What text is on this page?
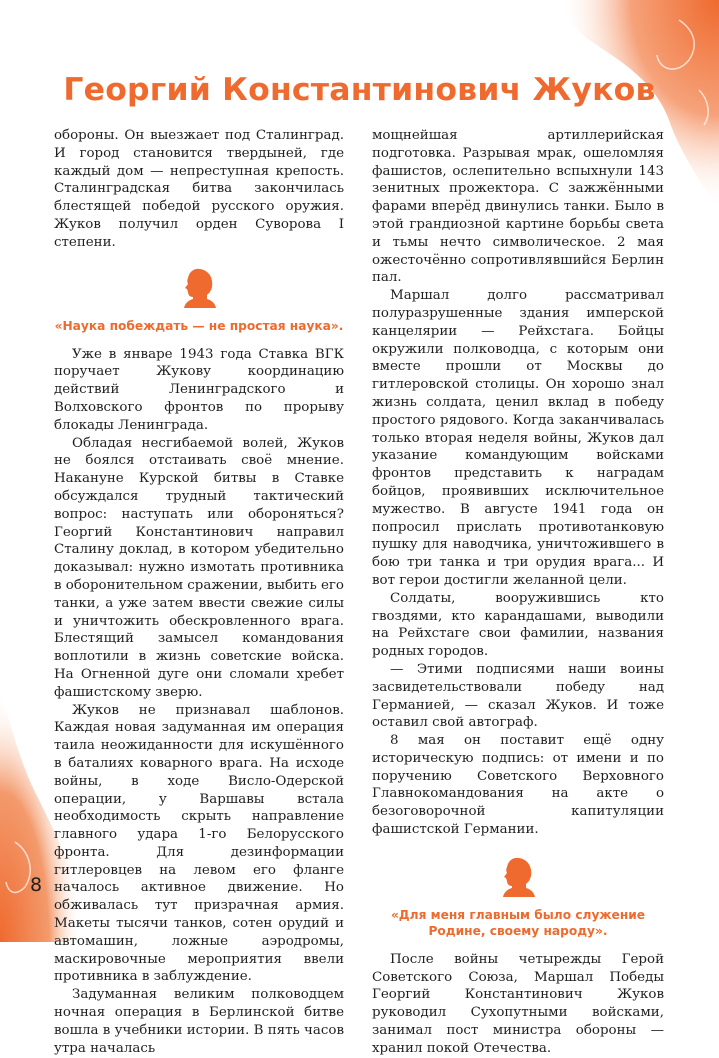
Георгий Константинович Жуков

обороны. Он выезжает под Сталинград. И город становится твердыней, где каждый дом — непреступная крепость. Сталинградская битва закончилась блестящей победой русского оружия. Жуков получил орден Суворова I степени.

«Наука побеждать — не простая наука».

Уже в январе 1943 года Ставка ВГК поручает Жукову координацию действий Ленинградского и Волховского фронтов по прорыву блокады Ленинграда.

Обладая несгибаемой волей, Жуков не боялся отстаивать своё мнение. Накануне Курской битвы в Ставке обсуждался трудный тактический вопрос: наступать или обороняться? Георгий Константинович направил Сталину доклад, в котором убедительно доказывал: нужно измотать противника в оборонительном сражении, выбить его танки, а уже затем ввести свежие силы и уничтожить обескровленного врага. Блестящий замысел командования воплотили в жизнь советские войска. На Огненной дуге они сломали хребет фашистскому зверю.

Жуков не признавал шаблонов. Каждая новая задуманная им операция таила неожиданности для искушённого в баталиях коварного врага. На исходе войны, в ходе Висло-Одерской операции, у Варшавы встала необходимость скрыть направление главного удара 1-го Белорусского фронта. Для дезинформации гитлеровцев на левом его фланге началось активное движение. Но обживалась тут призрачная армия. Макеты тысячи танков, сотен орудий и автомашин, ложные аэродромы, маскировочные мероприятия ввели противника в заблуждение.

Задуманная великим полководцем ночная операция в Берлинской битве вошла в учебники истории. В пять часов утра началась

мощнейшая артиллерийская подготовка. Разрывая мрак, ошеломляя фашистов, ослепительно вспыхнули 143 зенитных прожектора. С зажжёнными фарами вперёд двинулись танки. Было в этой грандиозной картине борьбы света и тьмы нечто символическое. 2 мая ожесточённо сопротивлявшийся Берлин пал.

Маршал долго рассматривал полуразрушенные здания имперской канцелярии — Рейхстага. Бойцы окружили полководца, с которым они вместе прошли от Москвы до гитлеровской столицы. Он хорошо знал жизнь солдата, ценил вклад в победу простого рядового. Когда заканчивалась только вторая неделя войны, Жуков дал указание командующим войсками фронтов представить к наградам бойцов, проявивших исключительное мужество. В августе 1941 года он попросил прислать противотанковую пушку для наводчика, уничтожившего в бою три танка и три орудия врага... И вот герои достигли желанной цели.

Солдаты, вооружившись кто гвоздями, кто карандашами, выводили на Рейхстаге свои фамилии, названия родных городов.

— Этими подписями наши воины засвидетельствовали победу над Германией, — сказал Жуков. И тоже оставил свой автограф.

8 мая он поставит ещё одну историческую подпись: от имени и по поручению Советского Верховного Главнокомандования на акте о безоговорочной капитуляции фашистской Германии.

«Для меня главным было служение

Родине, своему народу».

После войны четырежды Герой Советского Союза, Маршал Победы Георгий Константинович Жуков руководил Сухопутными войсками, занимал пост министра обороны — хранил покой Отечества.

8
